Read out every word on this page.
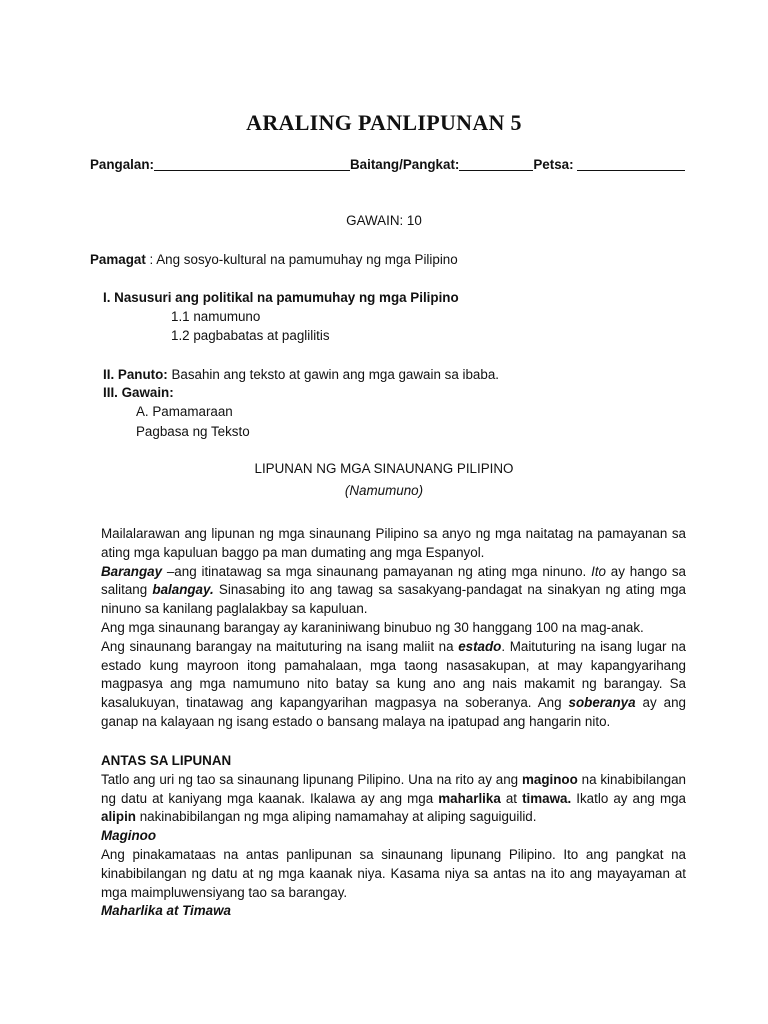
ARALING PANLIPUNAN 5
Pangalan:	Baitang/Pangkat:	Petsa:
GAWAIN: 10
Pamagat : Ang sosyo-kultural na pamumuhay ng mga Pilipino
I. Nasusuri ang politikal na pamumuhay ng mga Pilipino
1.1 namumuno
1.2 pagbabatas at paglilitis
II. Panuto: Basahin ang teksto at gawin ang mga gawain sa ibaba.
III. Gawain:
A. Pamamaraan
Pagbasa ng Teksto
LIPUNAN NG MGA SINAUNANG PILIPINO
(Namumuno)

Mailalarawan ang lipunan ng mga sinaunang Pilipino sa anyo ng mga naitatag na pamayanan sa ating mga kapuluan baggo pa man dumating ang mga Espanyol.

Barangay –ang itinatawag sa mga sinaunang pamayanan ng ating mga ninuno. Ito ay hango sa salitang balangay. Sinasabing ito ang tawag sa sasakyang-pandagat na sinakyan ng ating mga ninuno sa kanilang paglalakbay sa kapuluan.

Ang mga sinaunang barangay ay karaniniwang binubuo ng 30 hanggang 100 na mag-anak.

Ang sinaunang barangay na maituturing na isang maliit na estado. Maituturing na isang lugar na estado kung mayroon itong pamahalaan, mga taong nasasakupan, at may kapangyarihang magpasya ang mga namumuno nito batay sa kung ano ang nais makamit ng barangay. Sa kasalukuyan, tinatawag ang kapangyarihan magpasya na soberanya. Ang soberanya ay ang ganap na kalayaan ng isang estado o bansang malaya na ipatupad ang hangarin nito.

ANTAS SA LIPUNAN

Tatlo ang uri ng tao sa sinaunang lipunang Pilipino. Una na rito ay ang maginoo na kinabibilangan ng datu at kaniyang mga kaanak. Ikalawa ay ang mga maharlika at timawa. Ikatlo ay ang mga alipin nakinabibilangan ng mga aliping namamahay at aliping saguiguilid.

Maginoo

Ang pinakamataas na antas panlipunan sa sinaunang lipunang Pilipino. Ito ang pangkat na kinabibilangan ng datu at ng mga kaanak niya. Kasama niya sa antas na ito ang mayayaman at mga maimpluwensiyang tao sa barangay.

Maharlika at Timawa
